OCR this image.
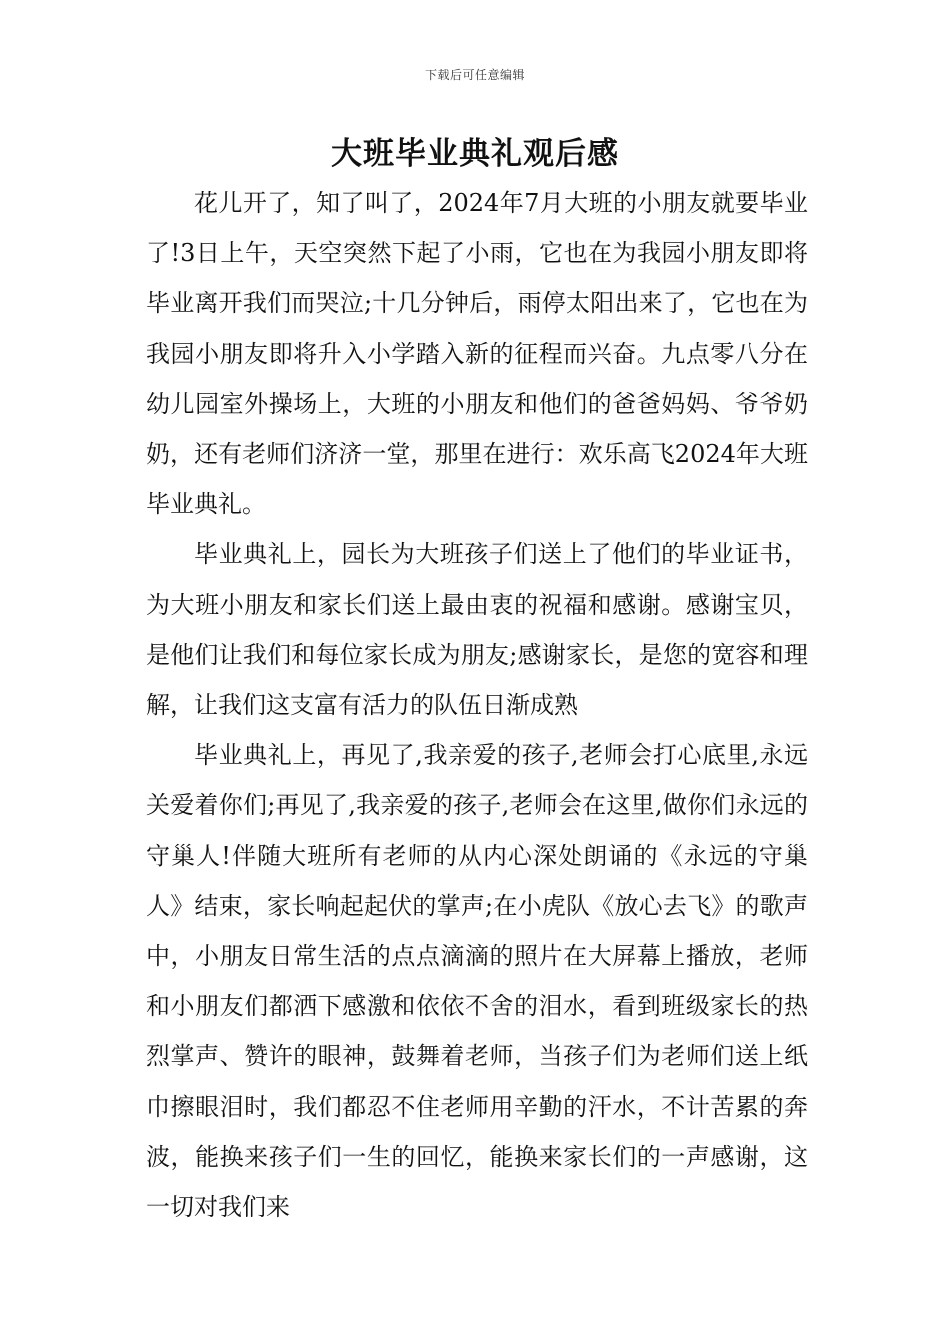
下载后可任意编辑
大班毕业典礼观后感

花儿开了，知了叫了，2024年7月大班的小朋友就要毕业了!3日上午，天空突然下起了小雨，它也在为我园小朋友即将毕业离开我们而哭泣;十几分钟后，雨停太阳出来了，它也在为我园小朋友即将升入小学踏入新的征程而兴奋。九点零八分在幼儿园室外操场上，大班的小朋友和他们的爸爸妈妈、爷爷奶奶，还有老师们济济一堂，那里在进行：欢乐高飞2024年大班毕业典礼。

毕业典礼上，园长为大班孩子们送上了他们的毕业证书，为大班小朋友和家长们送上最由衷的祝福和感谢。感谢宝贝，是他们让我们和每位家长成为朋友;感谢家长，是您的宽容和理解，让我们这支富有活力的队伍日渐成熟

毕业典礼上，再见了,我亲爱的孩子,老师会打心底里,永远关爱着你们;再见了,我亲爱的孩子,老师会在这里,做你们永远的守巢人!伴随大班所有老师的从内心深处朗诵的《永远的守巢人》结束，家长响起起伏的掌声;在小虎队《放心去飞》的歌声中，小朋友日常生活的点点滴滴的照片在大屏幕上播放，老师和小朋友们都洒下感激和依依不舍的泪水，看到班级家长的热烈掌声、赞许的眼神，鼓舞着老师，当孩子们为老师们送上纸巾擦眼泪时，我们都忍不住老师用辛勤的汗水，不计苦累的奔波，能换来孩子们一生的回忆，能换来家长们的一声感谢，这一切对我们来
